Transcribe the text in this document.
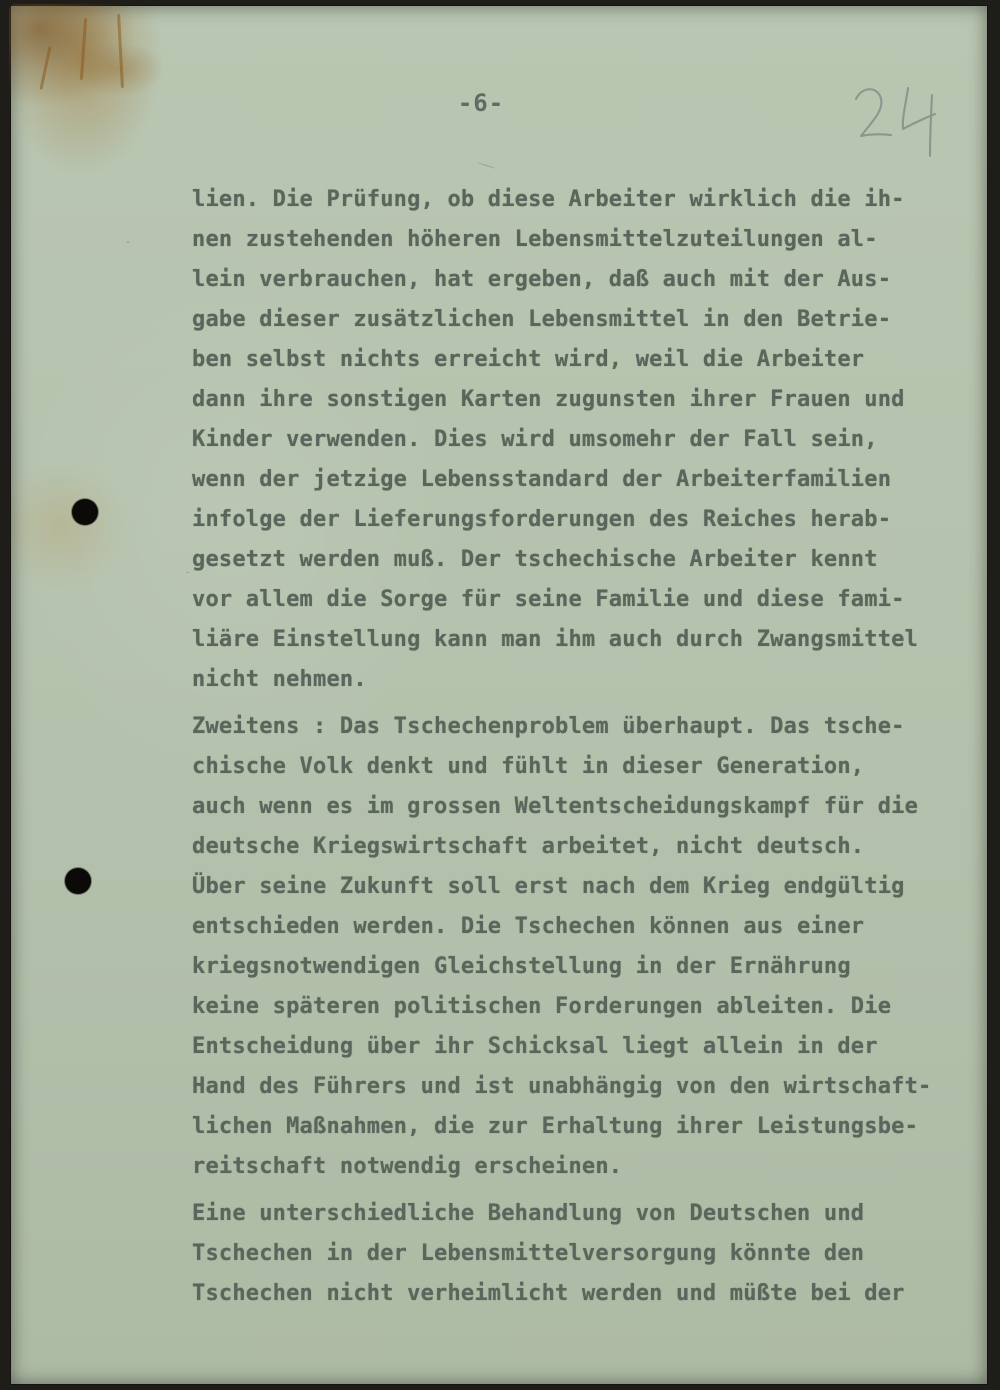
-6-
lien. Die Prüfung, ob diese Arbeiter wirklich die ih-
nen zustehenden höheren Lebensmittelzuteilungen al-
lein verbrauchen, hat ergeben, daß auch mit der Aus-
gabe dieser zusätzlichen Lebensmittel in den Betrie-
ben selbst nichts erreicht wird, weil die Arbeiter
dann ihre sonstigen Karten zugunsten ihrer Frauen und
Kinder verwenden. Dies wird umsomehr der Fall sein,
wenn der jetzige Lebensstandard der Arbeiterfamilien
infolge der Lieferungsforderungen des Reiches herab-
gesetzt werden muß. Der tschechische Arbeiter kennt
vor allem die Sorge für seine Familie und diese fami-
liäre Einstellung kann man ihm auch durch Zwangsmittel
nicht nehmen.
Zweitens : Das Tschechenproblem überhaupt. Das tsche-
chische Volk denkt und fühlt in dieser Generation,
auch wenn es im grossen Weltentscheidungskampf für die
deutsche Kriegswirtschaft arbeitet, nicht deutsch.
Über seine Zukunft soll erst nach dem Krieg endgültig
entschieden werden. Die Tschechen können aus einer
kriegsnotwendigen Gleichstellung in der Ernährung
keine späteren politischen Forderungen ableiten. Die
Entscheidung über ihr Schicksal liegt allein in der
Hand des Führers und ist unabhängig von den wirtschaft-
lichen Maßnahmen, die zur Erhaltung ihrer Leistungsbe-
reitschaft notwendig erscheinen.
Eine unterschiedliche Behandlung von Deutschen und
Tschechen in der Lebensmittelversorgung könnte den
Tschechen nicht verheimlicht werden und müßte bei der
